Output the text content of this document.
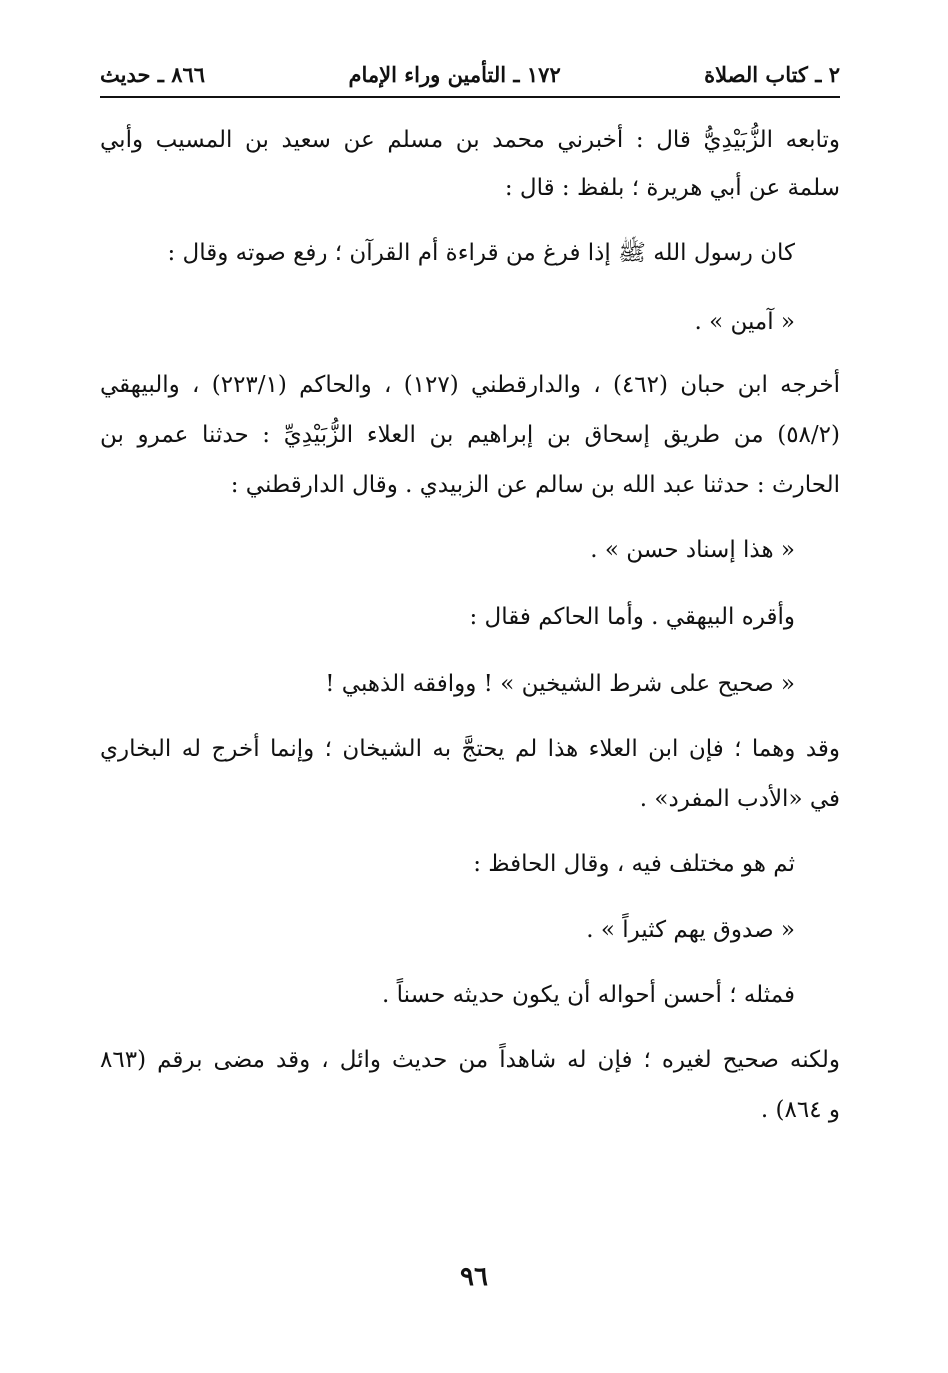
٢ ـ كتاب الصلاة
١٧٢ ـ التأمين وراء الإمام
٨٦٦ ـ حديث
وتابعه الزُّبَيْدِيُّ قال : أخبرني محمد بن مسلم عن سعيد بن المسيب وأبي
سلمة عن أبي هريرة ؛ بلفظ : قال :
كان رسول الله ﷺ إذا فرغ من قراءة أم القرآن ؛ رفع صوته وقال :
« آمين » .
أخرجه ابن حبان (٤٦٢) ، والدارقطني (١٢٧) ، والحاكم (٢٢٣/١) ، والبيهقي
(٥٨/٢) من طريق إسحاق بن إبراهيم بن العلاء الزُّبَيْدِيِّ : حدثنا عمرو بن
الحارث : حدثنا عبد الله بن سالم عن الزبيدي . وقال الدارقطني :
« هذا إسناد حسن » .
وأقره البيهقي . وأما الحاكم فقال :
« صحيح على شرط الشيخين » ! ووافقه الذهبي !
وقد وهما ؛ فإن ابن العلاء هذا لم يحتجَّ به الشيخان ؛ وإنما أخرج له البخاري
في «الأدب المفرد» .
ثم هو مختلف فيه ، وقال الحافظ :
« صدوق يهم كثيراً » .
فمثله ؛ أحسن أحواله أن يكون حديثه حسناً .
ولكنه صحيح لغيره ؛ فإن له شاهداً من حديث وائل ، وقد مضى برقم (٨٦٣
و ٨٦٤) .
٩٦
